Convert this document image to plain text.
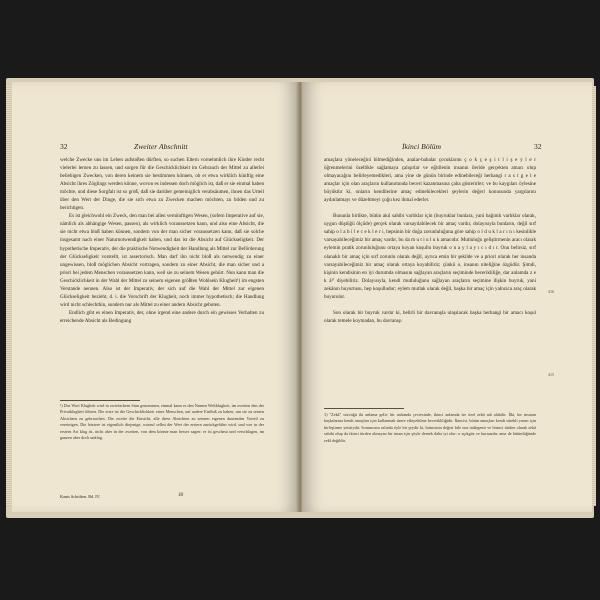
32	Zweiter Abschnitt

welche Zwecke uns im Leben aufstoßen dürften, so suchen Eltern vornehmlich ihre Kinder recht vielerlei lernen zu lassen, und sorgen für die Geschicklichkeit im Gebrauch der Mittel zu allerlei beliebigen Zwecken, von deren keinem sie bestimmen können, ob er etwa wirklich künftig eine Absicht ihres Zöglings werden könne, wovon es indessen doch möglich ist, daß er sie einmal haben möchte, und diese Sorgfalt ist so groß, daß sie darüber gemeiniglich verabsäumen, ihnen das Urteil über den Wert der Dinge, die sie sich etwa zu Zwecken machen möchten, zu bilden und zu berichtigen.

Es ist gleichwohl ein Zweck, den man bei allen vernünftigen Wesen, (sofern Imperative auf sie, nämlich als abhängige Wesen, passen), als wirklich voraussetzen kann, und also eine Absicht, die sie nicht etwa bloß haben können, sondern von der man sicher voraussetzen kann, daß sie solche insgesamt nach einer Naturnotwendigkeit haben, und das ist die Absicht auf Glückseligkeit. Der hypothetische Imperativ, der die praktische Notwendigkeit der Handlung als Mittel zur Beförderung der Glückseligkeit vorstellt, ist assertorisch. Man darf ihn nicht bloß als notwendig zu einer ungewissen, bloß möglichen Absicht vortragen, sondern zu einer Absicht, die man sicher und a priori bei jedem Menschen voraussetzen kann, weil sie zu seinem Wesen gehört. Nun kann man die Geschicklichkeit in der Wahl der Mittel zu seinem eigenen größten Wohlsein Klugheit¹) im engsten Verstande nennen. Also ist der Imperativ, der sich auf die Wahl der Mittel zur eigenen Glückseligkeit bezieht, d. i. die Vorschrift der Klugheit, noch immer hypothetisch; die Handlung wird nicht schlechthin, sondern nur als Mittel zu einer andern Absicht geboten.

Endlich gibt es einen Imperativ, der, ohne irgend eine andere durch ein gewisses Verhalten zu erreichende Absicht als Bedingung

¹) Das Wort Klugheit wird in zwiefachem Sinn genommen, einmal kann es den Namen Weltklugheit, im zweiten den der Privatklugheit führen. Die erste ist die Geschicklichkeit eines Menschen, auf andere Einfluß zu haben, um sie zu seinen Absichten zu gebrauchen. Die zweite die Einsicht, alle diese Absichten zu seinem eigenen dauernden Vorteil zu vereinigen. Die letztere ist eigentlich diejenige, worauf selbst der Wert der erstern zurückgeführt wird, und wer in der erstern Art klug ist, nicht aber in der zweiten, von dem könnte man besser sagen: er ist gescheut und verschlagen, im ganzen aber doch unklug.
Kants Schriften. Bd. IV.	18
İkinci Bölüm	32

amaçlara yöneleceğini bilmediğinden, analar-babalar çocuklarını ç o k ç e ş i t l i ş e y l e r öğrenmelerini özellikle sağlamaya çalışırlar ve eğitilenin insanın ileride gerçekten amacı olup olmayacağını belirleyemedikleri, ama yine de günün birinde edinebileceği herhangi r a s t g e l e amaçlar için olan araçların kullanımında beceri kazanmasına çaba gösterirler; ve bu kaygıları öylesine büyüktür ki, onların kendilerine amaç edinebilecekleri şeylerin değeri konusunda yargılarını aydınlatmayı ve düzeltmeyi çoğu kez ihmal ederler.

Bununla birlikte, bütün akıl sahibi varlıklar için (buyruklar bunlara, yani bağımlı varlıklar olarak, uygun düştüğü ölçüde) gerçek olarak varsayılabilecek bir amaç vardır, dolayısıyla bunların, değil sırf sahip o l a b i l e c e k l e r i, hepsinin bir doğa zorunluluğuna göre sahip o l d u k l a r ı n ı kesinlikle varsayabileceğimiz bir amaç vardır, bu da m u t l u l u k amacıdır. Mutluluğu geliştirmenin aracı olarak eylemin pratik zorunluluğunu ortaya koyan koşullu buyruk o n a y l a y ı c ı d ı r. Onu belirsiz, sırf olanaklı bir amaç için sırf zorunlu olarak değil, ayrıca emin bir şekilde ve a priori olarak her insanda varsayabileceğimiz bir amaç olarak ortaya koyabiliriz; çünkü o, insanın niteliğine özgüdür. Şimdi, kişinin kendisinin en iyi durumda olmasını sağlayan araçların seçiminde becerikliliğe, dar anlamda z e k â¹⁾ diyebiliriz. Dolayısıyla, kendi mutluluğunu sağlayan araçların seçimine ilişkin buyruk, yani zekânın buyurtusu, hep koşulludur; eylem mutlak olarak değil, başka bir amaç için yalnızca araç olarak buyurulur.

Son olarak bir buyruk vardır ki, belirli bir davranışla ulaşılacak başka herhangi bir amacı koşul olarak temele koymadan, bu davranışı

416
415
1) "Zekâ" sözcüğü iki anlama gelir: bir anlamda çevresinde, ikinci anlamda ise özel zekâ adı alabilir. İlki, bir insanın başkalarına kendi amaçları için kullanmak üzere etkiyebilme becerikliliğidir. İkincisi, bütün amaçları kendi sürekli yararı için birleştirme yetisiydir. Sonuncusu aslında öyle bir şeydir ki, birincinin değeri bile ona indirgenir ve birinci türden olarak zekâ sahibi olup da ikinci türden olmayan bir insan için şöyle demek daha iyi olur: o açıkgöz ve kurnazdır, ama de bütünlüğünde zekî değildir.
